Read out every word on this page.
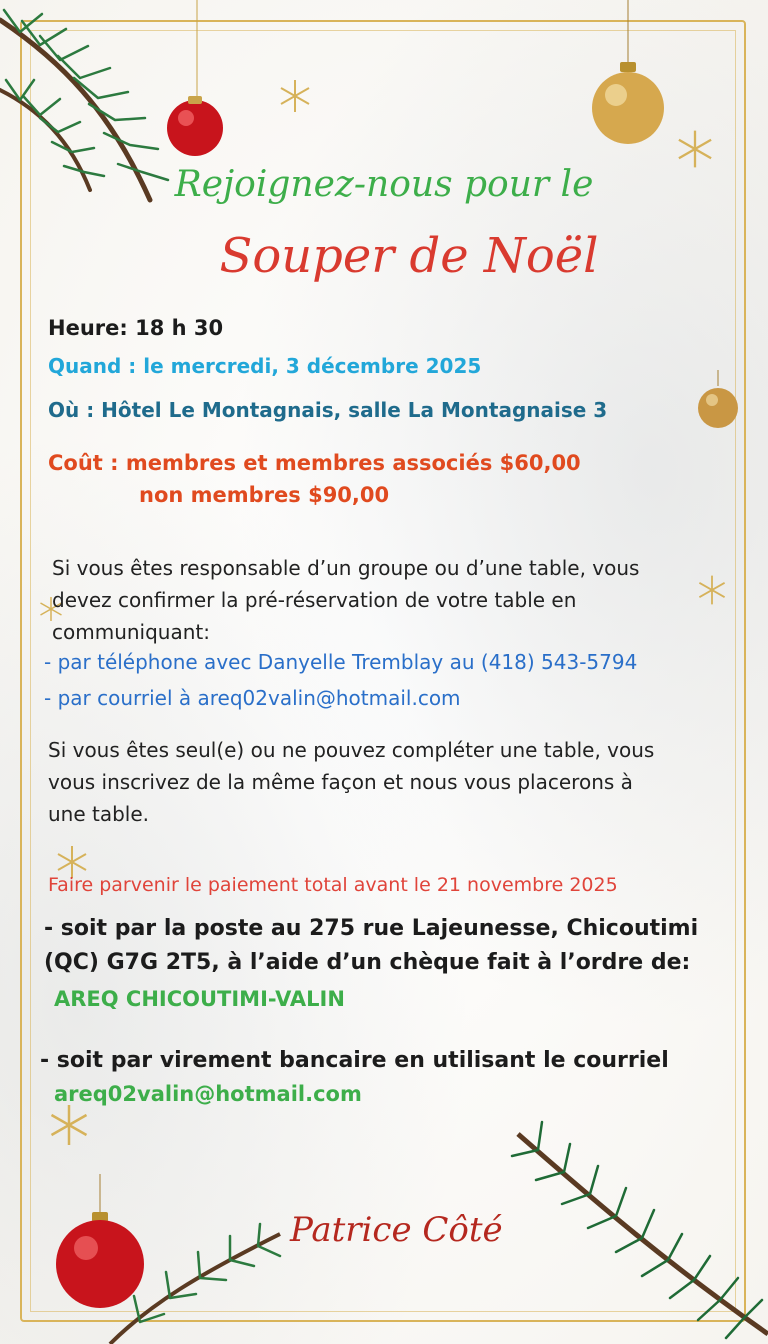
Rejoignez-nous pour le
Souper de Noël
Heure: 18 h 30
Quand : le mercredi, 3 décembre 2025
Où : Hôtel Le Montagnais, salle La Montagnaise 3
Coût : membres et membres associés $60,00
non membres $90,00
Si vous êtes responsable d’un groupe ou d’une table, vous
devez confirmer la pré-réservation de votre table en
communiquant:
- par téléphone avec Danyelle Tremblay au (418) 543-5794
- par courriel à areq02valin@hotmail.com
Si vous êtes seul(e) ou ne pouvez compléter une table, vous
vous inscrivez de la même façon et nous vous placerons à
une table.
Faire parvenir le paiement total avant le 21 novembre 2025
- soit par la poste au 275 rue Lajeunesse, Chicoutimi
(QC) G7G 2T5, à l’aide d’un chèque fait à l’ordre de:
AREQ CHICOUTIMI-VALIN
- soit par virement bancaire en utilisant le courriel
areq02valin@hotmail.com
Patrice Côté
